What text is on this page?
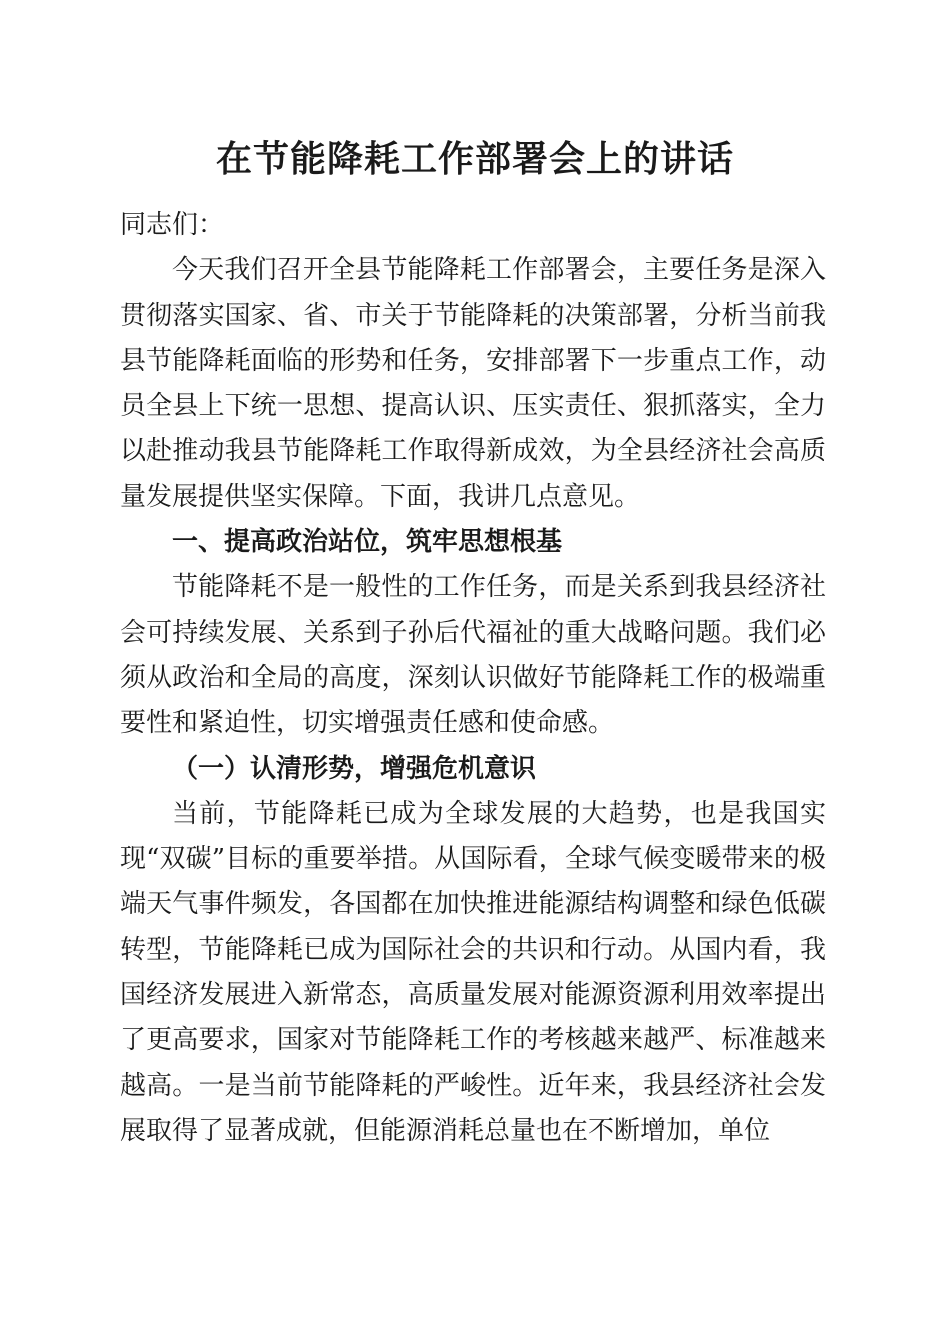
在节能降耗工作部署会上的讲话

同志们：

今天我们召开全县节能降耗工作部署会，主要任务是深入贯彻落实国家、省、市关于节能降耗的决策部署，分析当前我县节能降耗面临的形势和任务，安排部署下一步重点工作，动员全县上下统一思想、提高认识、压实责任、狠抓落实，全力以赴推动我县节能降耗工作取得新成效，为全县经济社会高质量发展提供坚实保障。下面，我讲几点意见。

一、提高政治站位，筑牢思想根基

节能降耗不是一般性的工作任务，而是关系到我县经济社会可持续发展、关系到子孙后代福祉的重大战略问题。我们必须从政治和全局的高度，深刻认识做好节能降耗工作的极端重要性和紧迫性，切实增强责任感和使命感。

（一）认清形势，增强危机意识

当前，节能降耗已成为全球发展的大趋势，也是我国实现“双碳”目标的重要举措。从国际看，全球气候变暖带来的极端天气事件频发，各国都在加快推进能源结构调整和绿色低碳转型，节能降耗已成为国际社会的共识和行动。从国内看，我国经济发展进入新常态，高质量发展对能源资源利用效率提出了更高要求，国家对节能降耗工作的考核越来越严、标准越来越高。一是当前节能降耗的严峻性。近年来，我县经济社会发展取得了显著成就，但能源消耗总量也在不断增加，单位
